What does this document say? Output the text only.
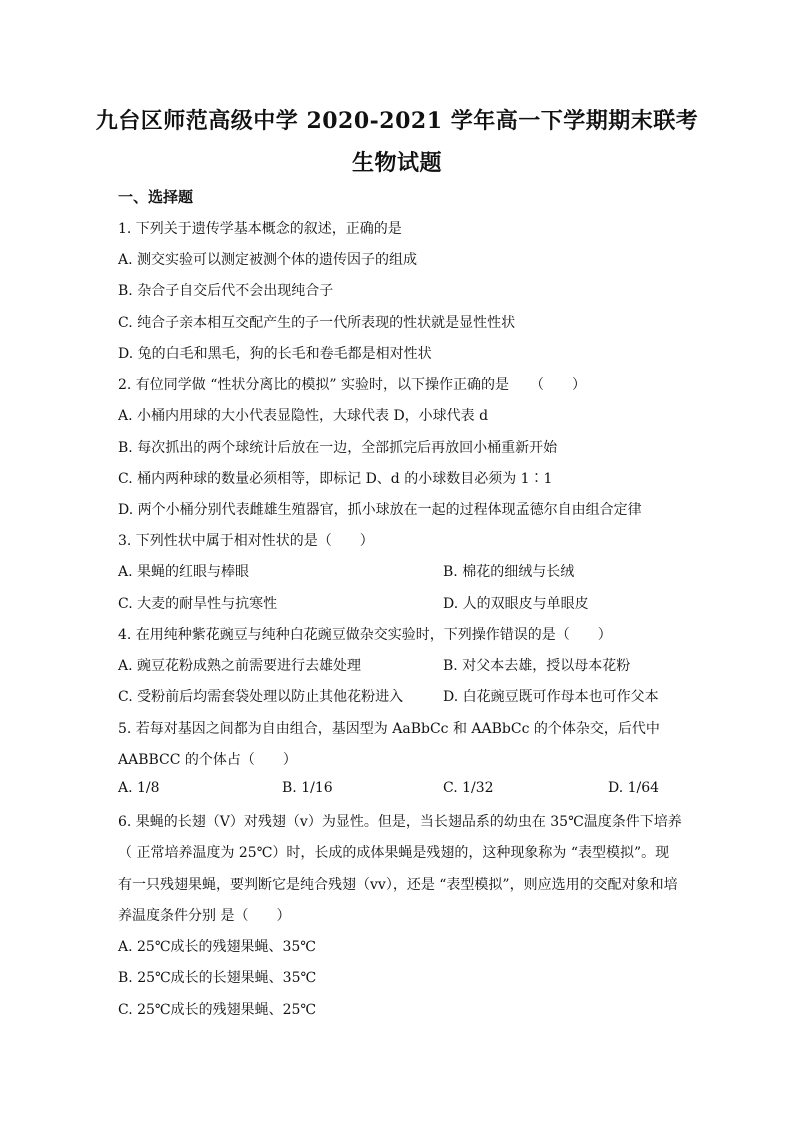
九台区师范高级中学 2020-2021 学年高一下学期期末联考
生物试题
一、选择题
1. 下列关于遗传学基本概念的叙述，正确的是
A. 测交实验可以测定被测个体的遗传因子的组成
B. 杂合子自交后代不会出现纯合子
C. 纯合子亲本相互交配产生的子一代所表现的性状就是显性性状
D. 兔的白毛和黑毛，狗的长毛和卷毛都是相对性状
2. 有位同学做 “性状分离比的模拟” 实验时，以下操作正确的是　　（　　）
A. 小桶内用球的大小代表显隐性，大球代表 D，小球代表 d
B. 每次抓出的两个球统计后放在一边，全部抓完后再放回小桶重新开始
C. 桶内两种球的数量必须相等，即标记 D、d 的小球数目必须为 1∶1
D. 两个小桶分别代表雌雄生殖器官，抓小球放在一起的过程体现孟德尔自由组合定律
3. 下列性状中属于相对性状的是（　　）
A. 果蝇的红眼与棒眼	B. 棉花的细绒与长绒
C. 大麦的耐旱性与抗寒性	D. 人的双眼皮与单眼皮
4. 在用纯种紫花豌豆与纯种白花豌豆做杂交实验时，下列操作错误的是（　　）
A. 豌豆花粉成熟之前需要进行去雄处理	B. 对父本去雄，授以母本花粉
C. 受粉前后均需套袋处理以防止其他花粉进入	D. 白花豌豆既可作母本也可作父本
5. 若每对基因之间都为自由组合，基因型为 AaBbCc 和 AABbCc 的个体杂交，后代中
AABBCC 的个体占（　　）
A. 1/8	B. 1/16	C. 1/32	D. 1/64
6. 果蝇的长翅（V）对残翅（v）为显性。但是，当长翅品系的幼虫在 35℃温度条件下培养
（ 正常培养温度为 25℃）时，长成的成体果蝇是残翅的，这种现象称为 “表型模拟”。现
有一只残翅果蝇，要判断它是纯合残翅（vv），还是 “表型模拟”，则应选用的交配对象和培
养温度条件分别 是（　　）
A. 25℃成长的残翅果蝇、35℃
B. 25℃成长的长翅果蝇、35℃
C. 25℃成长的残翅果蝇、25℃
